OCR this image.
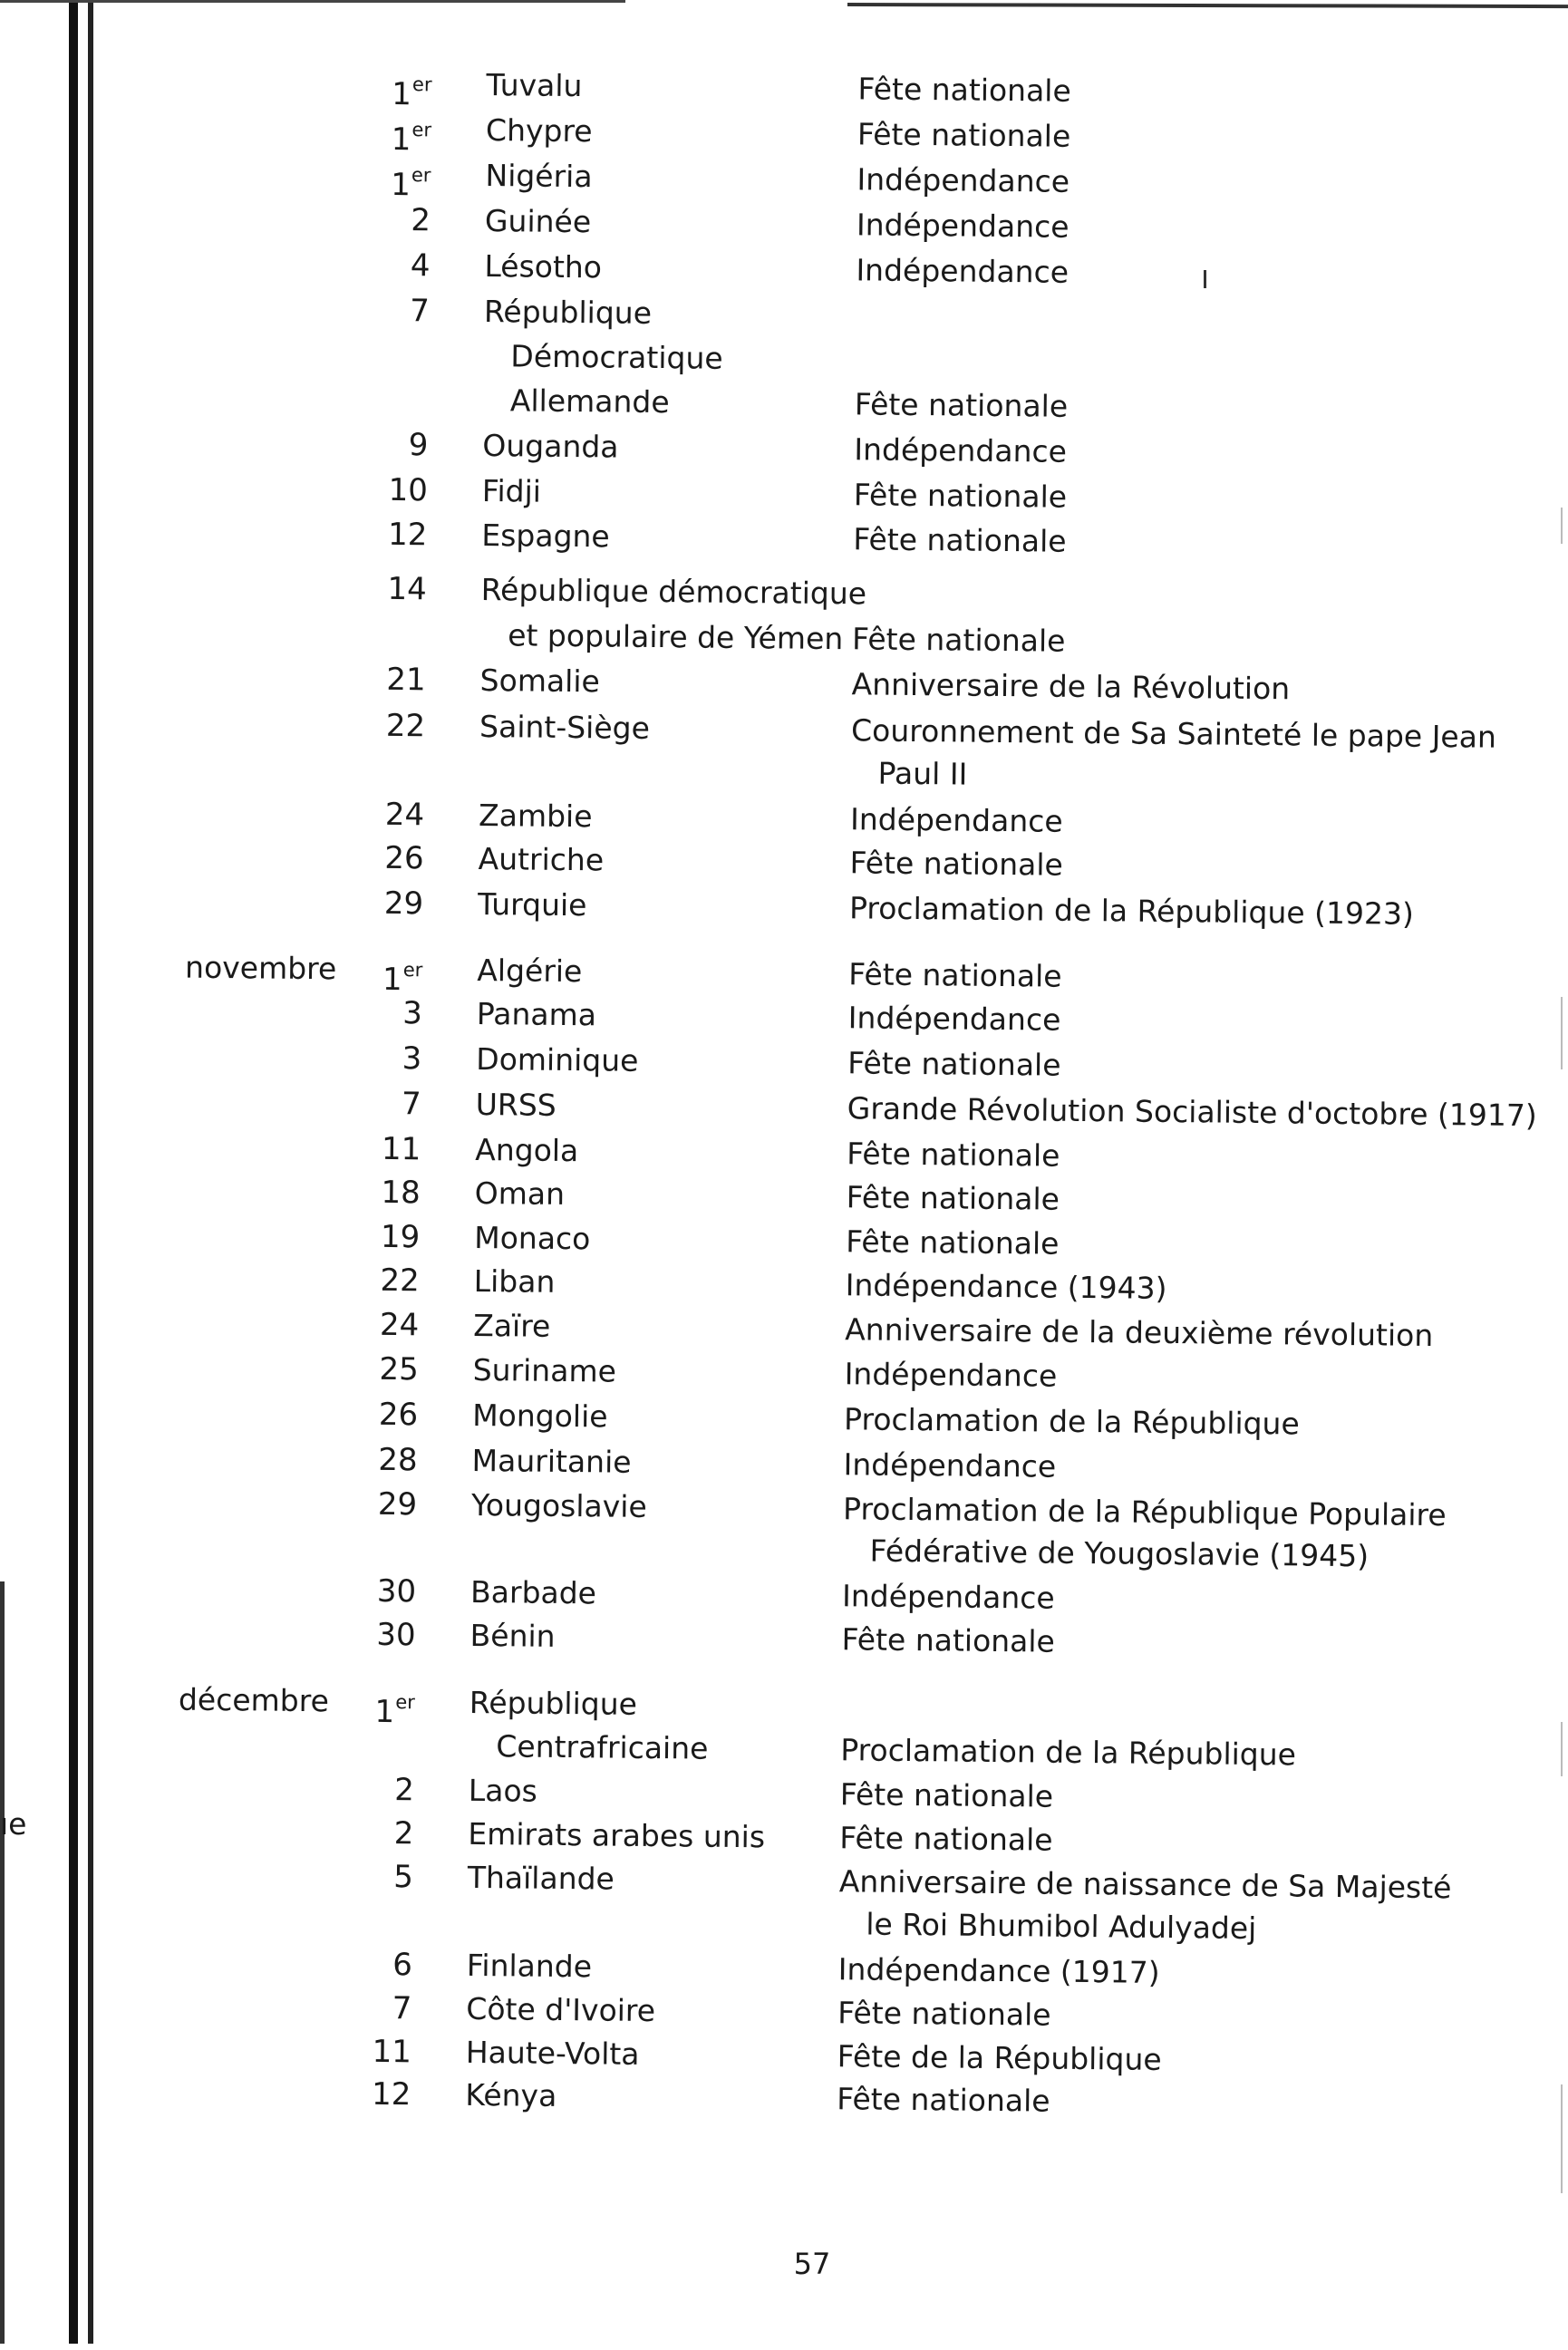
ıe
1er Tuvalu	Fête nationale
1er Chypre	Fête nationale
1er Nigéria	Indépendance
2 Guinée	Indépendance
4 Lésotho	Indépendance
7 République
Démocratique
Allemande	Fête nationale
9 Ouganda	Indépendance
10 Fidji	Fête nationale
12 Espagne	Fête nationale
14 République démocratique
et populaire de Yémen Fête nationale
21 Somalie	Anniversaire de la Révolution
22 Saint-Siège	Couronnement de Sa Sainteté le pape Jean
Paul II
24 Zambie	Indépendance
26 Autriche	Fête nationale
29 Turquie	Proclamation de la République (1923)
novembre	1er Algérie	Fête nationale
3 Panama	Indépendance
3 Dominique	Fête nationale
7 URSS	Grande Révolution Socialiste d'octobre (1917)
11 Angola	Fête nationale
18 Oman	Fête nationale
19 Monaco	Fête nationale
22 Liban	Indépendance (1943)
24 Zaïre	Anniversaire de la deuxième révolution
25 Suriname	Indépendance
26 Mongolie	Proclamation de la République
28 Mauritanie	Indépendance
29 Yougoslavie	Proclamation de la République Populaire
Fédérative de Yougoslavie (1945)
30 Barbade	Indépendance
30 Bénin	Fête nationale
décembre	1er République
Centrafricaine	Proclamation de la République
2 Laos	Fête nationale
2 Emirats arabes unis Fête nationale
5 Thaïlande	Anniversaire de naissance de Sa Majesté
le Roi Bhumibol Adulyadej
6 Finlande	Indépendance (1917)
7 Côte d'Ivoire	Fête nationale
11 Haute-Volta	Fête de la République
12 Kénya	Fête nationale
57
